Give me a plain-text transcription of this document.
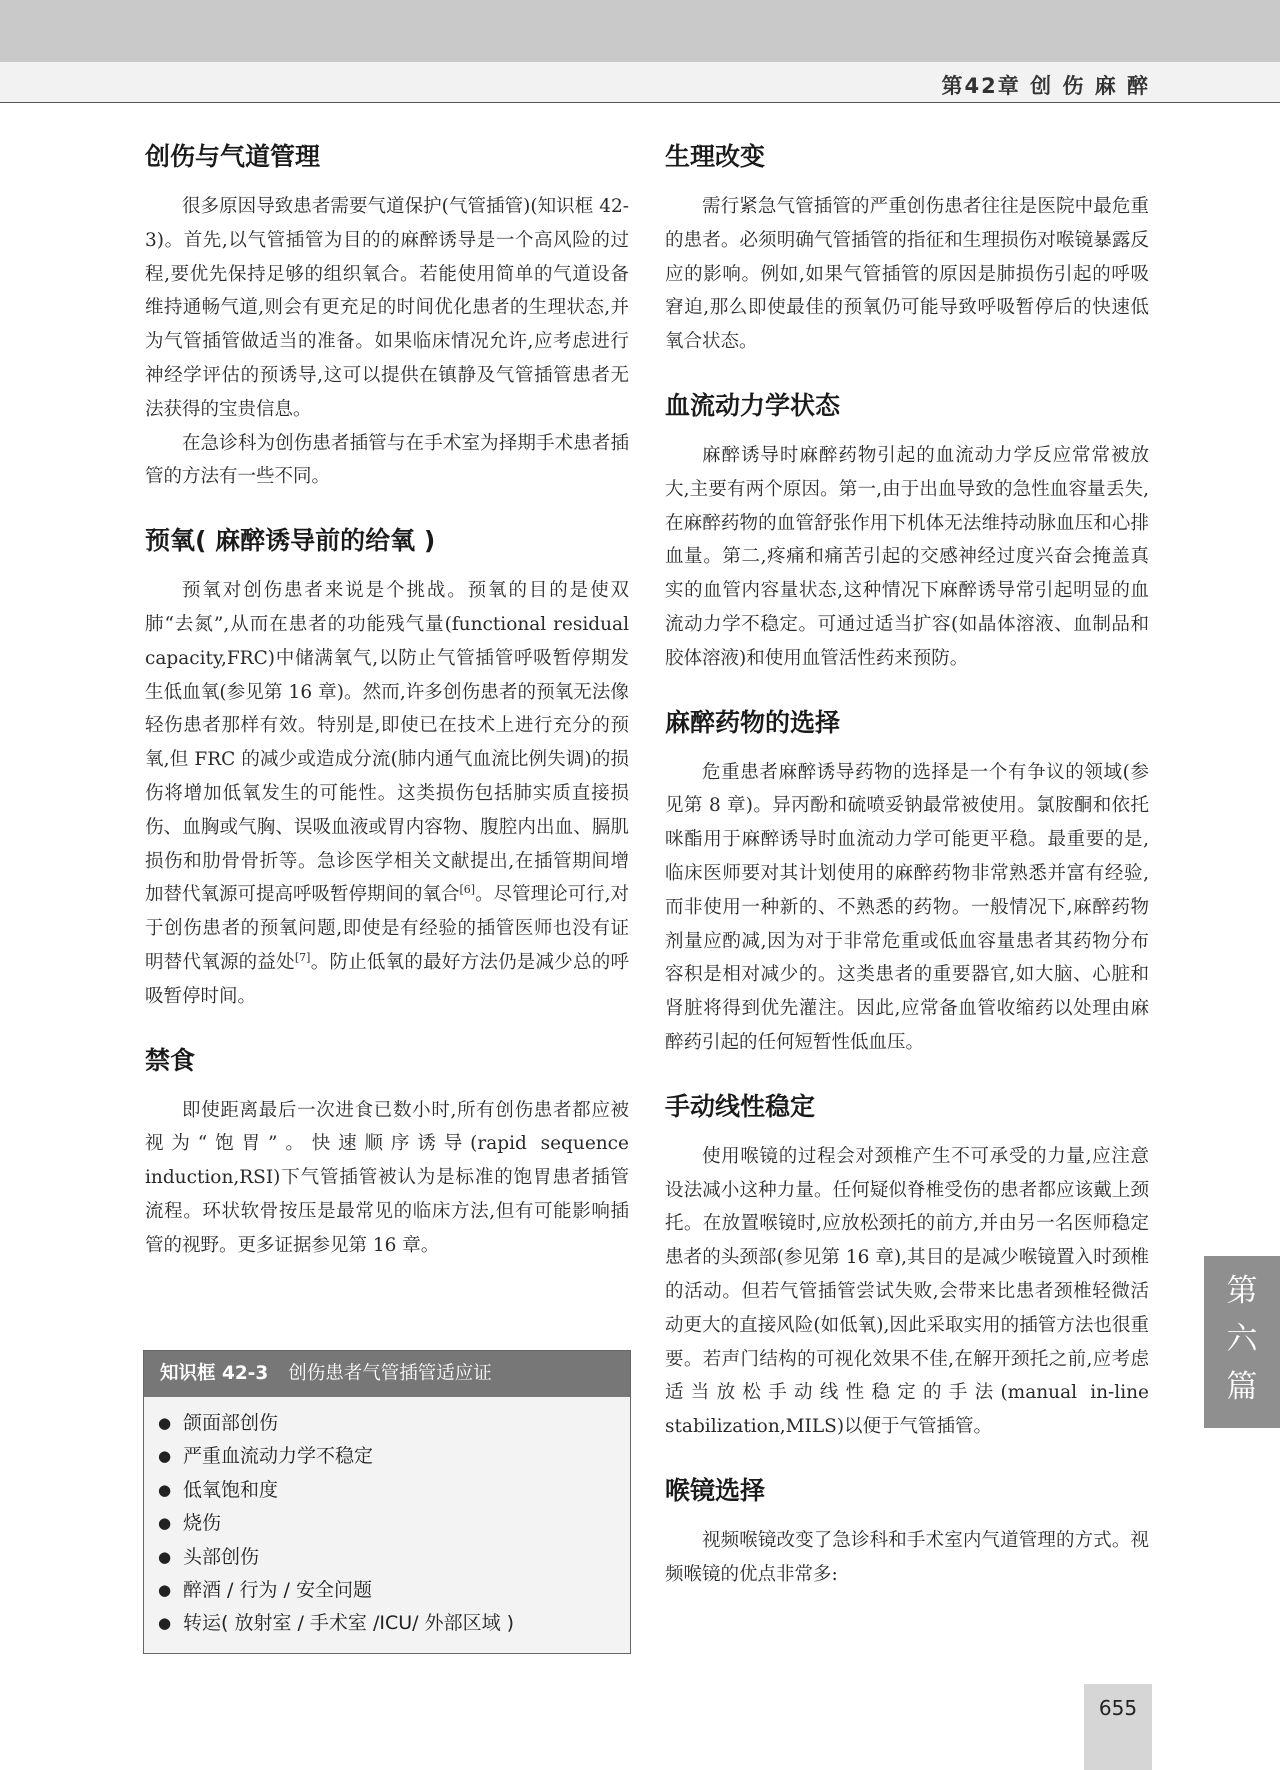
第42章 创 伤 麻 醉
创伤与气道管理

很多原因导致患者需要气道保护(气管插管)(知识框 42-3)。首先,以气管插管为目的的麻醉诱导是一个高风险的过程,要优先保持足够的组织氧合。若能使用简单的气道设备维持通畅气道,则会有更充足的时间优化患者的生理状态,并为气管插管做适当的准备。如果临床情况允许,应考虑进行神经学评估的预诱导,这可以提供在镇静及气管插管患者无法获得的宝贵信息。

在急诊科为创伤患者插管与在手术室为择期手术患者插管的方法有一些不同。

预氧( 麻醉诱导前的给氧 )

预氧对创伤患者来说是个挑战。预氧的目的是使双肺“去氮”,从而在患者的功能残气量(functional residual capacity,FRC)中储满氧气,以防止气管插管呼吸暂停期发生低血氧(参见第 16 章)。然而,许多创伤患者的预氧无法像轻伤患者那样有效。特别是,即使已在技术上进行充分的预氧,但 FRC 的减少或造成分流(肺内通气血流比例失调)的损伤将增加低氧发生的可能性。这类损伤包括肺实质直接损伤、血胸或气胸、误吸血液或胃内容物、腹腔内出血、膈肌损伤和肋骨骨折等。急诊医学相关文献提出,在插管期间增加替代氧源可提高呼吸暂停期间的氧合[6]。尽管理论可行,对于创伤患者的预氧问题,即使是有经验的插管医师也没有证明替代氧源的益处[7]。防止低氧的最好方法仍是减少总的呼吸暂停时间。

禁食

即使距离最后一次进食已数小时,所有创伤患者都应被视为“饱胃”。快速顺序诱导(rapid sequence induction,RSI)下气管插管被认为是标准的饱胃患者插管流程。环状软骨按压是最常见的临床方法,但有可能影响插管的视野。更多证据参见第 16 章。

知识框 42-3 创伤患者气管插管适应证
● 颌面部创伤
● 严重血流动力学不稳定
● 低氧饱和度
● 烧伤
● 头部创伤
● 醉酒 / 行为 / 安全问题
● 转运( 放射室 / 手术室 /ICU/ 外部区域 )
生理改变

需行紧急气管插管的严重创伤患者往往是医院中最危重的患者。必须明确气管插管的指征和生理损伤对喉镜暴露反应的影响。例如,如果气管插管的原因是肺损伤引起的呼吸窘迫,那么即使最佳的预氧仍可能导致呼吸暂停后的快速低氧合状态。

血流动力学状态

麻醉诱导时麻醉药物引起的血流动力学反应常常被放大,主要有两个原因。第一,由于出血导致的急性血容量丢失,在麻醉药物的血管舒张作用下机体无法维持动脉血压和心排血量。第二,疼痛和痛苦引起的交感神经过度兴奋会掩盖真实的血管内容量状态,这种情况下麻醉诱导常引起明显的血流动力学不稳定。可通过适当扩容(如晶体溶液、血制品和胶体溶液)和使用血管活性药来预防。

麻醉药物的选择

危重患者麻醉诱导药物的选择是一个有争议的领域(参见第 8 章)。异丙酚和硫喷妥钠最常被使用。氯胺酮和依托咪酯用于麻醉诱导时血流动力学可能更平稳。最重要的是,临床医师要对其计划使用的麻醉药物非常熟悉并富有经验,而非使用一种新的、不熟悉的药物。一般情况下,麻醉药物剂量应酌减,因为对于非常危重或低血容量患者其药物分布容积是相对减少的。这类患者的重要器官,如大脑、心脏和肾脏将得到优先灌注。因此,应常备血管收缩药以处理由麻醉药引起的任何短暂性低血压。

手动线性稳定

使用喉镜的过程会对颈椎产生不可承受的力量,应注意设法减小这种力量。任何疑似脊椎受伤的患者都应该戴上颈托。在放置喉镜时,应放松颈托的前方,并由另一名医师稳定患者的头颈部(参见第 16 章),其目的是减少喉镜置入时颈椎的活动。但若气管插管尝试失败,会带来比患者颈椎轻微活动更大的直接风险(如低氧),因此采取实用的插管方法也很重要。若声门结构的可视化效果不佳,在解开颈托之前,应考虑适当放松手动线性稳定的手法(manual in-line stabilization,MILS)以便于气管插管。

喉镜选择

视频喉镜改变了急诊科和手术室内气道管理的方式。视频喉镜的优点非常多:

第
六
篇
655
